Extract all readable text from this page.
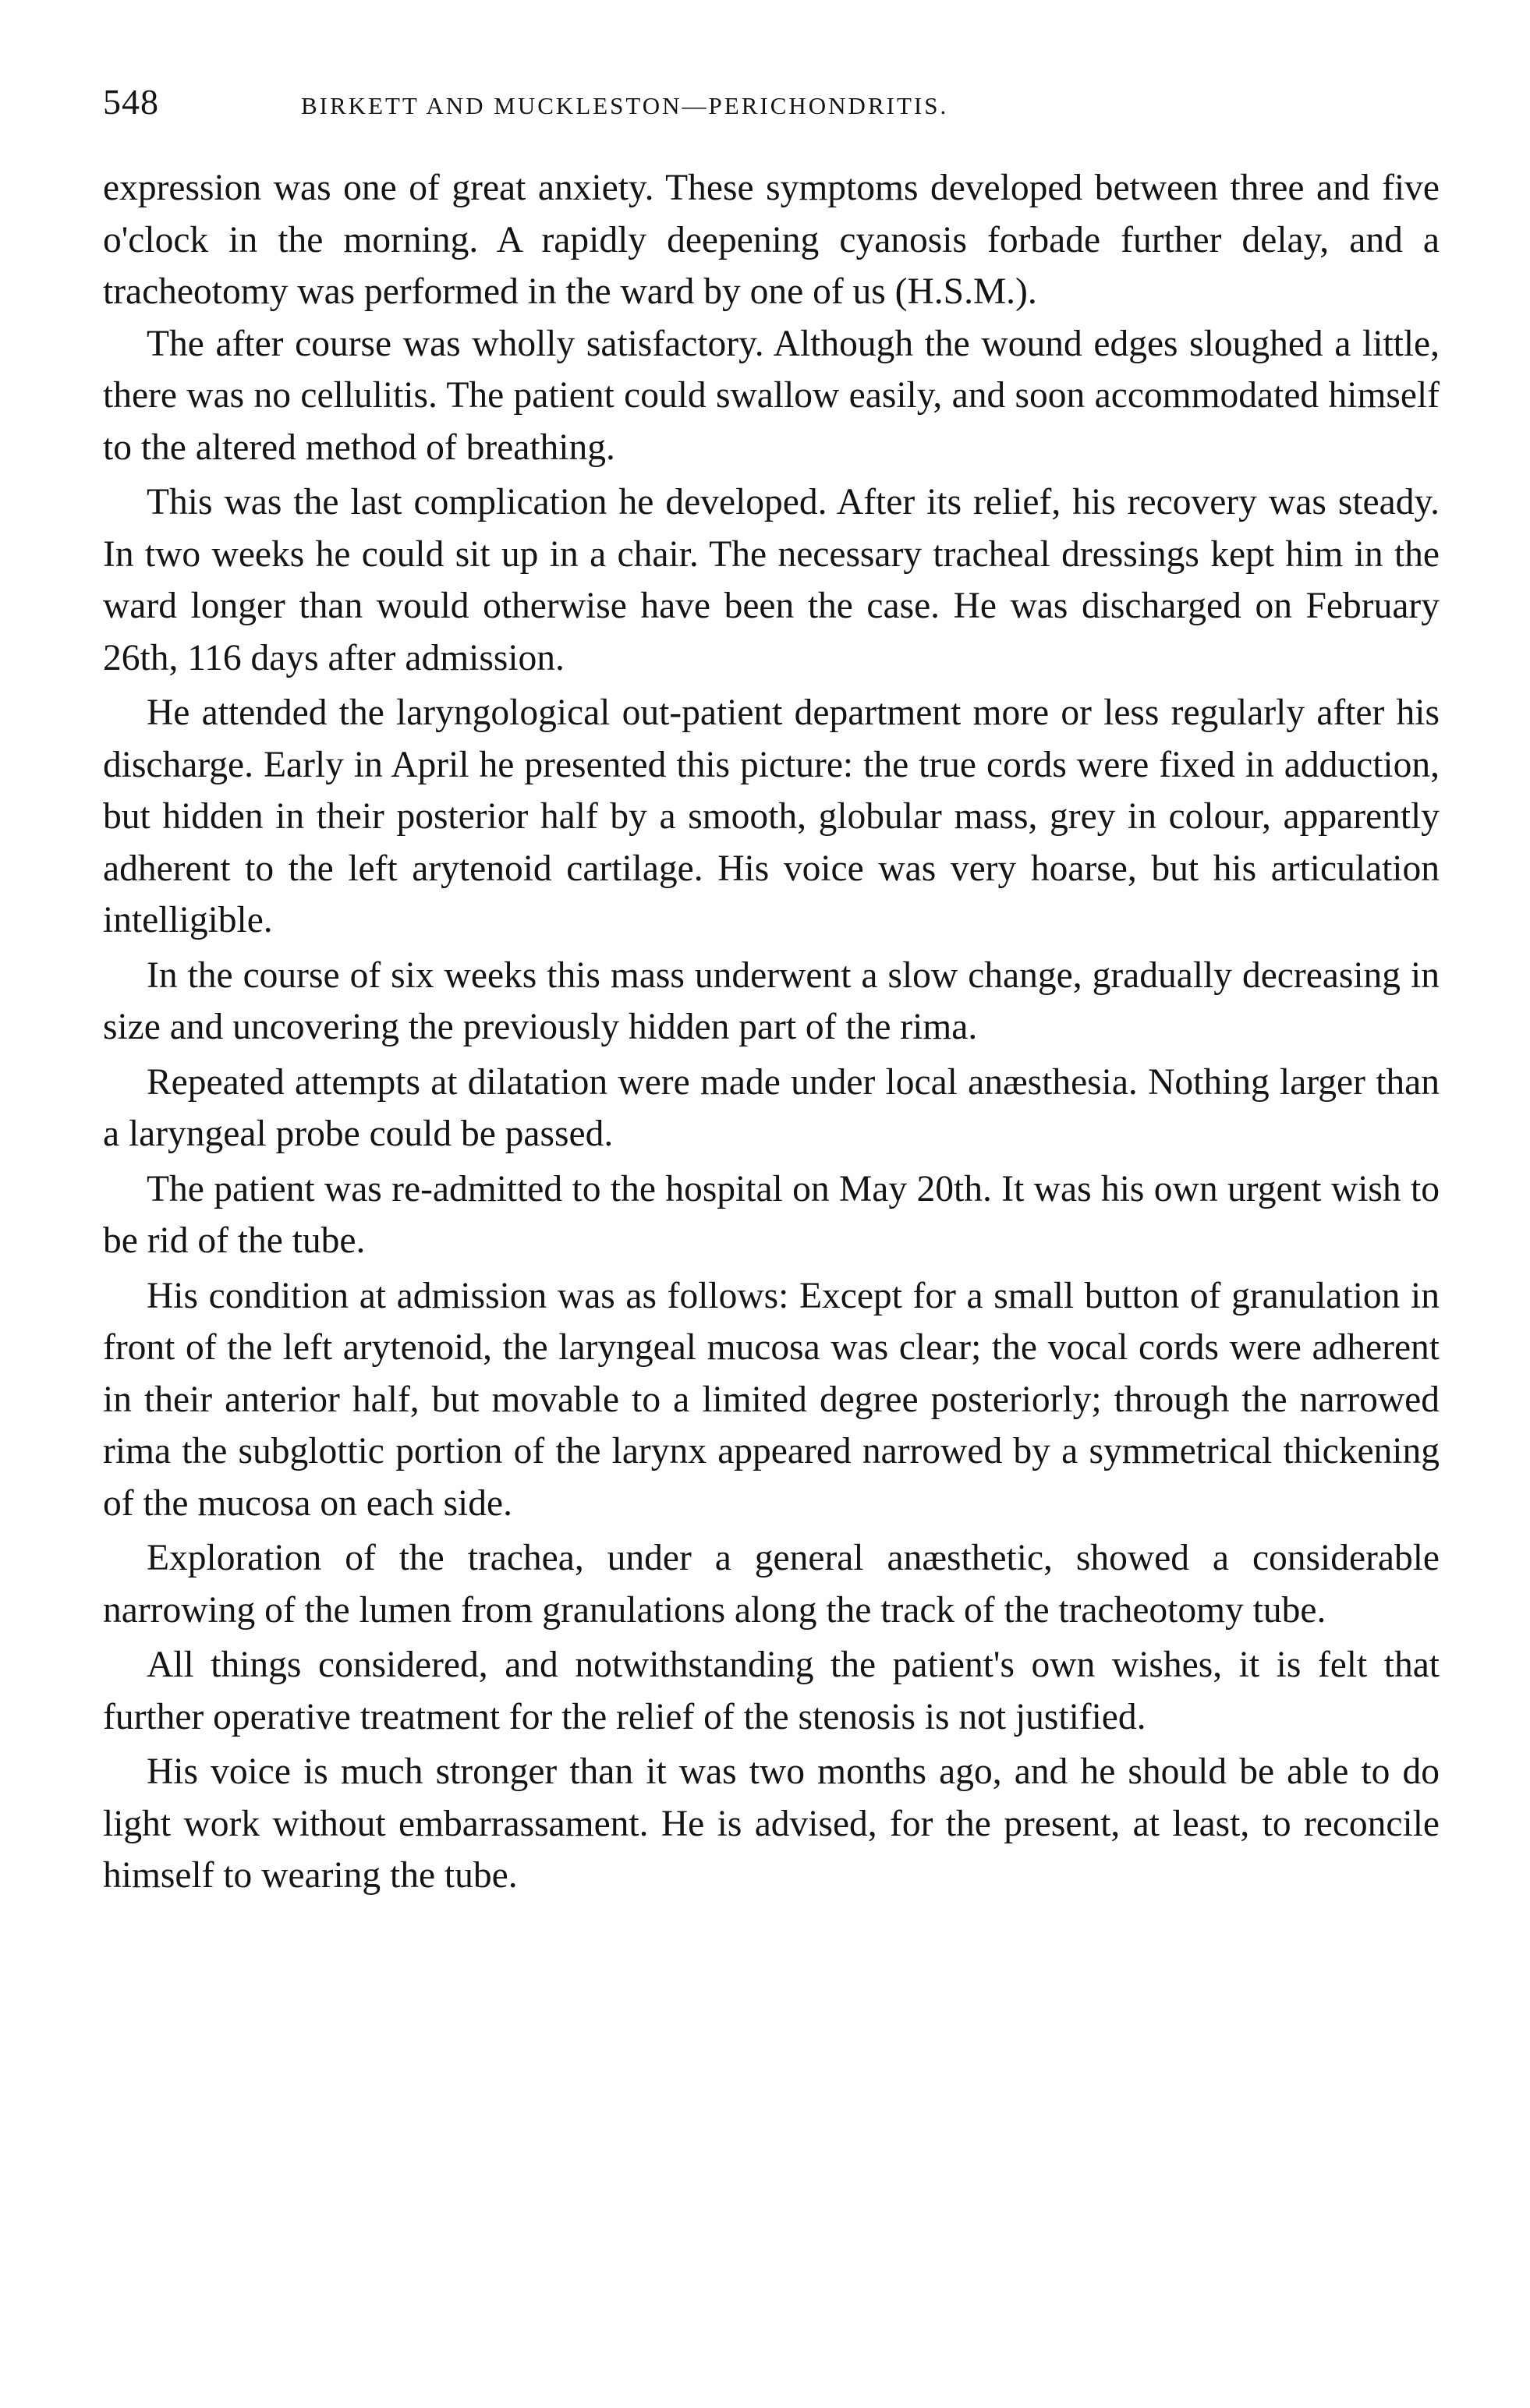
548	BIRKETT AND MUCKLESTON—PERICHONDRITIS.

expression was one of great anxiety. These symptoms developed between three and five o'clock in the morning. A rapidly deepening cyanosis forbade further delay, and a tracheotomy was performed in the ward by one of us (H.S.M.).

The after course was wholly satisfactory. Although the wound edges sloughed a little, there was no cellulitis. The patient could swallow easily, and soon accommodated himself to the altered method of breathing.

This was the last complication he developed. After its relief, his recovery was steady. In two weeks he could sit up in a chair. The necessary tracheal dressings kept him in the ward longer than would otherwise have been the case. He was discharged on February 26th, 116 days after admission.

He attended the laryngological out-patient department more or less regularly after his discharge. Early in April he presented this picture: the true cords were fixed in adduction, but hidden in their posterior half by a smooth, globular mass, grey in colour, apparently adherent to the left arytenoid cartilage. His voice was very hoarse, but his articulation intelligible.

In the course of six weeks this mass underwent a slow change, gradually decreasing in size and uncovering the previously hidden part of the rima.

Repeated attempts at dilatation were made under local anæsthesia. Nothing larger than a laryngeal probe could be passed.

The patient was re-admitted to the hospital on May 20th. It was his own urgent wish to be rid of the tube.

His condition at admission was as follows: Except for a small button of granulation in front of the left arytenoid, the laryngeal mucosa was clear; the vocal cords were adherent in their anterior half, but movable to a limited degree posteriorly; through the narrowed rima the subglottic portion of the larynx appeared narrowed by a symmetrical thickening of the mucosa on each side.

Exploration of the trachea, under a general anæsthetic, showed a considerable narrowing of the lumen from granulations along the track of the tracheotomy tube.

All things considered, and notwithstanding the patient's own wishes, it is felt that further operative treatment for the relief of the stenosis is not justified.

His voice is much stronger than it was two months ago, and he should be able to do light work without embarrassament. He is advised, for the present, at least, to reconcile himself to wearing the tube.
